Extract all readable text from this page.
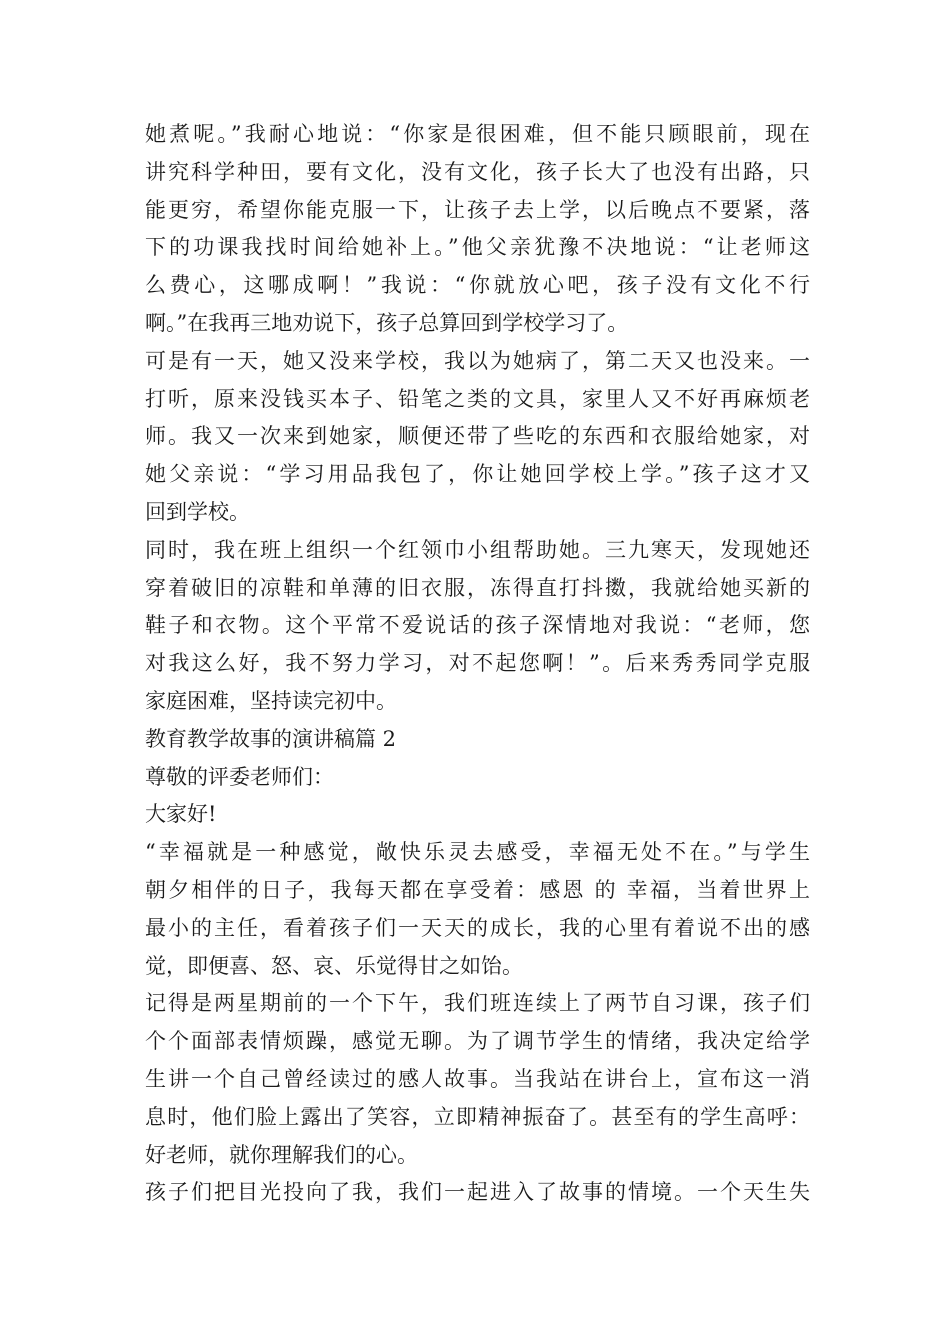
她煮呢。”我耐心地说：“你家是很困难，但不能只顾眼前，现在
讲究科学种田，要有文化，没有文化，孩子长大了也没有出路，只
能更穷，希望你能克服一下，让孩子去上学，以后晚点不要紧，落
下的功课我找时间给她补上。”他父亲犹豫不决地说：“让老师这
么费心，这哪成啊！”我说：“你就放心吧，孩子没有文化不行
啊。”在我再三地劝说下，孩子总算回到学校学习了。
可是有一天，她又没来学校，我以为她病了，第二天又也没来。一
打听，原来没钱买本子、铅笔之类的文具，家里人又不好再麻烦老
师。我又一次来到她家，顺便还带了些吃的东西和衣服给她家，对
她父亲说：“学习用品我包了，你让她回学校上学。”孩子这才又
回到学校。
同时，我在班上组织一个红领巾小组帮助她。三九寒天，发现她还
穿着破旧的凉鞋和单薄的旧衣服，冻得直打抖擞，我就给她买新的
鞋子和衣物。这个平常不爱说话的孩子深情地对我说：“老师，您
对我这么好，我不努力学习，对不起您啊！”。后来秀秀同学克服
家庭困难，坚持读完初中。
教育教学故事的演讲稿篇 2
尊敬的评委老师们：
大家好!
“幸福就是一种感觉，敞快乐灵去感受，幸福无处不在。”与学生
朝夕相伴的日子，我每天都在享受着：感恩 的 幸福，当着世界上
最小的主任，看着孩子们一天天的成长，我的心里有着说不出的感
觉，即便喜、怒、哀、乐觉得甘之如饴。
记得是两星期前的一个下午，我们班连续上了两节自习课，孩子们
个个面部表情烦躁，感觉无聊。为了调节学生的情绪，我决定给学
生讲一个自己曾经读过的感人故事。当我站在讲台上，宣布这一消
息时，他们脸上露出了笑容，立即精神振奋了。甚至有的学生高呼：
好老师，就你理解我们的心。
孩子们把目光投向了我，我们一起进入了故事的情境。一个天生失
